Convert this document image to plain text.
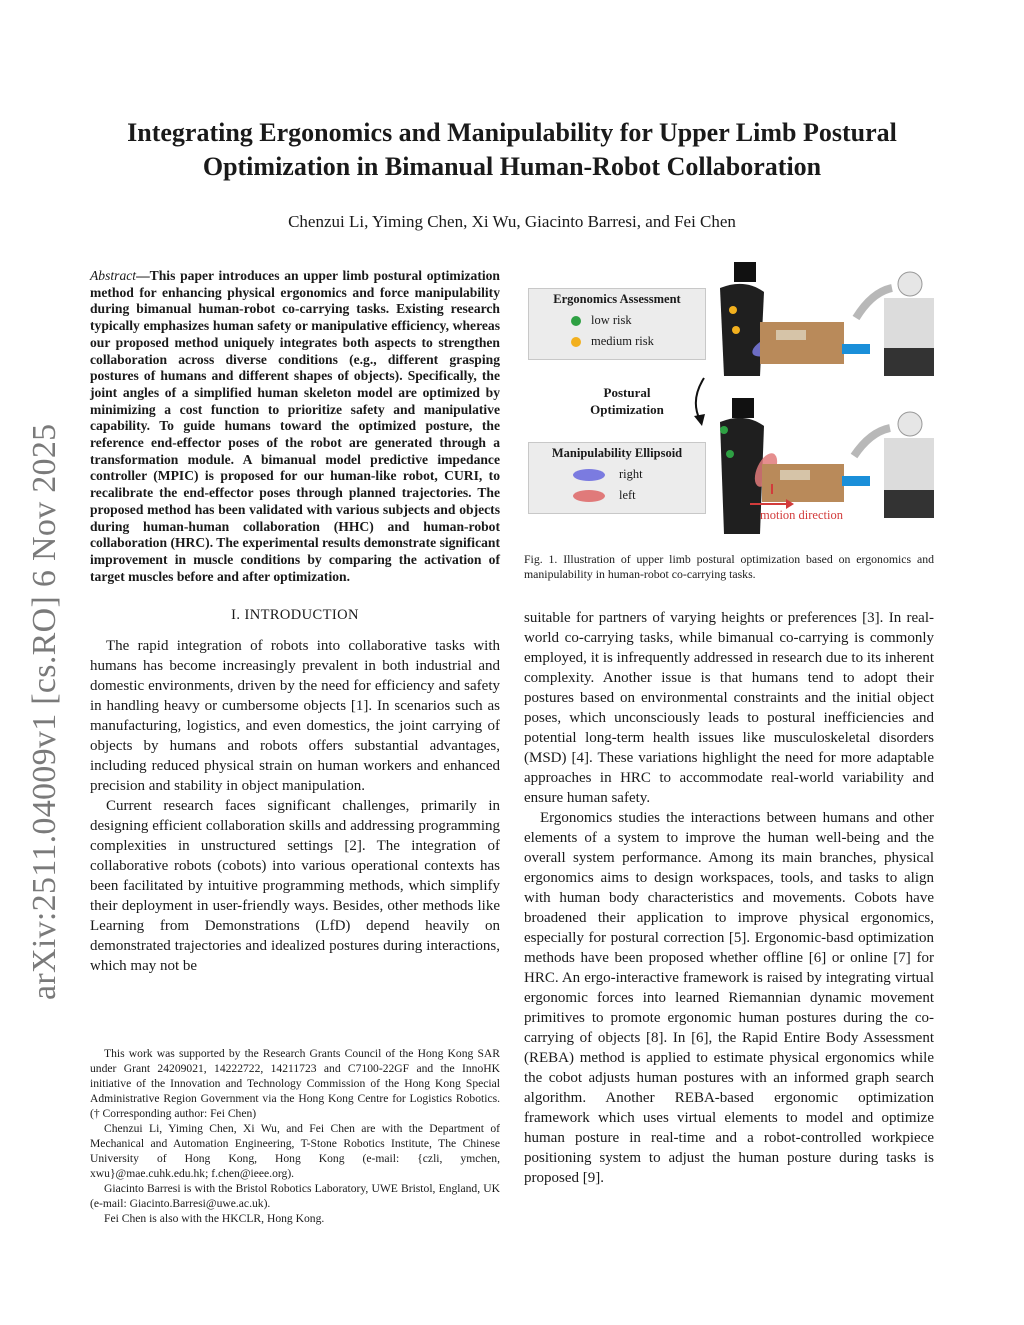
arXiv:2511.04009v1 [cs.RO] 6 Nov 2025
Integrating Ergonomics and Manipulability for Upper Limb Postural Optimization in Bimanual Human-Robot Collaboration
Chenzui Li, Yiming Chen, Xi Wu, Giacinto Barresi, and Fei Chen
Abstract—This paper introduces an upper limb postural optimization method for enhancing physical ergonomics and force manipulability during bimanual human-robot co-carrying tasks. Existing research typically emphasizes human safety or manipulative efficiency, whereas our proposed method uniquely integrates both aspects to strengthen collaboration across diverse conditions (e.g., different grasping postures of humans and different shapes of objects). Specifically, the joint angles of a simplified human skeleton model are optimized by minimizing a cost function to prioritize safety and manipulative capability. To guide humans toward the optimized posture, the reference end-effector poses of the robot are generated through a transformation module. A bimanual model predictive impedance controller (MPIC) is proposed for our human-like robot, CURI, to recalibrate the end-effector poses through planned trajectories. The proposed method has been validated with various subjects and objects during human-human collaboration (HHC) and human-robot collaboration (HRC). The experimental results demonstrate significant improvement in muscle conditions by comparing the activation of target muscles before and after optimization.
I. INTRODUCTION

The rapid integration of robots into collaborative tasks with humans has become increasingly prevalent in both industrial and domestic environments, driven by the need for efficiency and safety in handling heavy or cumbersome objects [1]. In scenarios such as manufacturing, logistics, and even domestics, the joint carrying of objects by humans and robots offers substantial advantages, including reduced physical strain on human workers and enhanced precision and stability in object manipulation.

Current research faces significant challenges, primarily in designing efficient collaboration skills and addressing programming complexities in unstructured settings [2]. The integration of collaborative robots (cobots) into various operational contexts has been facilitated by intuitive programming methods, which simplify their deployment in user-friendly ways. Besides, other methods like Learning from Demonstrations (LfD) depend heavily on demonstrated trajectories and idealized postures during interactions, which may not be

This work was supported by the Research Grants Council of the Hong Kong SAR under Grant 24209021, 14222722, 14211723 and C7100-22GF and the InnoHK initiative of the Innovation and Technology Commission of the Hong Kong Special Administrative Region Government via the Hong Kong Centre for Logistics Robotics. († Corresponding author: Fei Chen)

Chenzui Li, Yiming Chen, Xi Wu, and Fei Chen are with the Department of Mechanical and Automation Engineering, T-Stone Robotics Institute, The Chinese University of Hong Kong, Hong Kong (e-mail: {czli, ymchen, xwu}@mae.cuhk.edu.hk; f.chen@ieee.org).

Giacinto Barresi is with the Bristol Robotics Laboratory, UWE Bristol, England, UK (e-mail: Giacinto.Barresi@uwe.ac.uk).

Fei Chen is also with the HKCLR, Hong Kong.

Ergonomics Assessment
low risk
medium risk
Postural
Optimization
Manipulability Ellipsoid
right
left
motion direction
Fig. 1. Illustration of upper limb postural optimization based on ergonomics and manipulability in human-robot co-carrying tasks.

suitable for partners of varying heights or preferences [3]. In real-world co-carrying tasks, while bimanual co-carrying is commonly employed, it is infrequently addressed in research due to its inherent complexity. Another issue is that humans tend to adopt their postures based on environmental constraints and the initial object poses, which unconsciously leads to postural inefficiencies and potential long-term health issues like musculoskeletal disorders (MSD) [4]. These variations highlight the need for more adaptable approaches in HRC to accommodate real-world variability and ensure human safety.

Ergonomics studies the interactions between humans and other elements of a system to improve the human well-being and the overall system performance. Among its main branches, physical ergonomics aims to design workspaces, tools, and tasks to align with human body characteristics and movements. Cobots have broadened their application to improve physical ergonomics, especially for postural correction [5]. Ergonomic-basd optimization methods have been proposed whether offline [6] or online [7] for HRC. An ergo-interactive framework is raised by integrating virtual ergonomic forces into learned Riemannian dynamic movement primitives to promote ergonomic human postures during the co-carrying of objects [8]. In [6], the Rapid Entire Body Assessment (REBA) method is applied to estimate physical ergonomics while the cobot adjusts human postures with an informed graph search algorithm. Another REBA-based ergonomic optimization framework which uses virtual elements to model and optimize human posture in real-time and a robot-controlled workpiece positioning system to adjust the human posture during tasks is proposed [9].
